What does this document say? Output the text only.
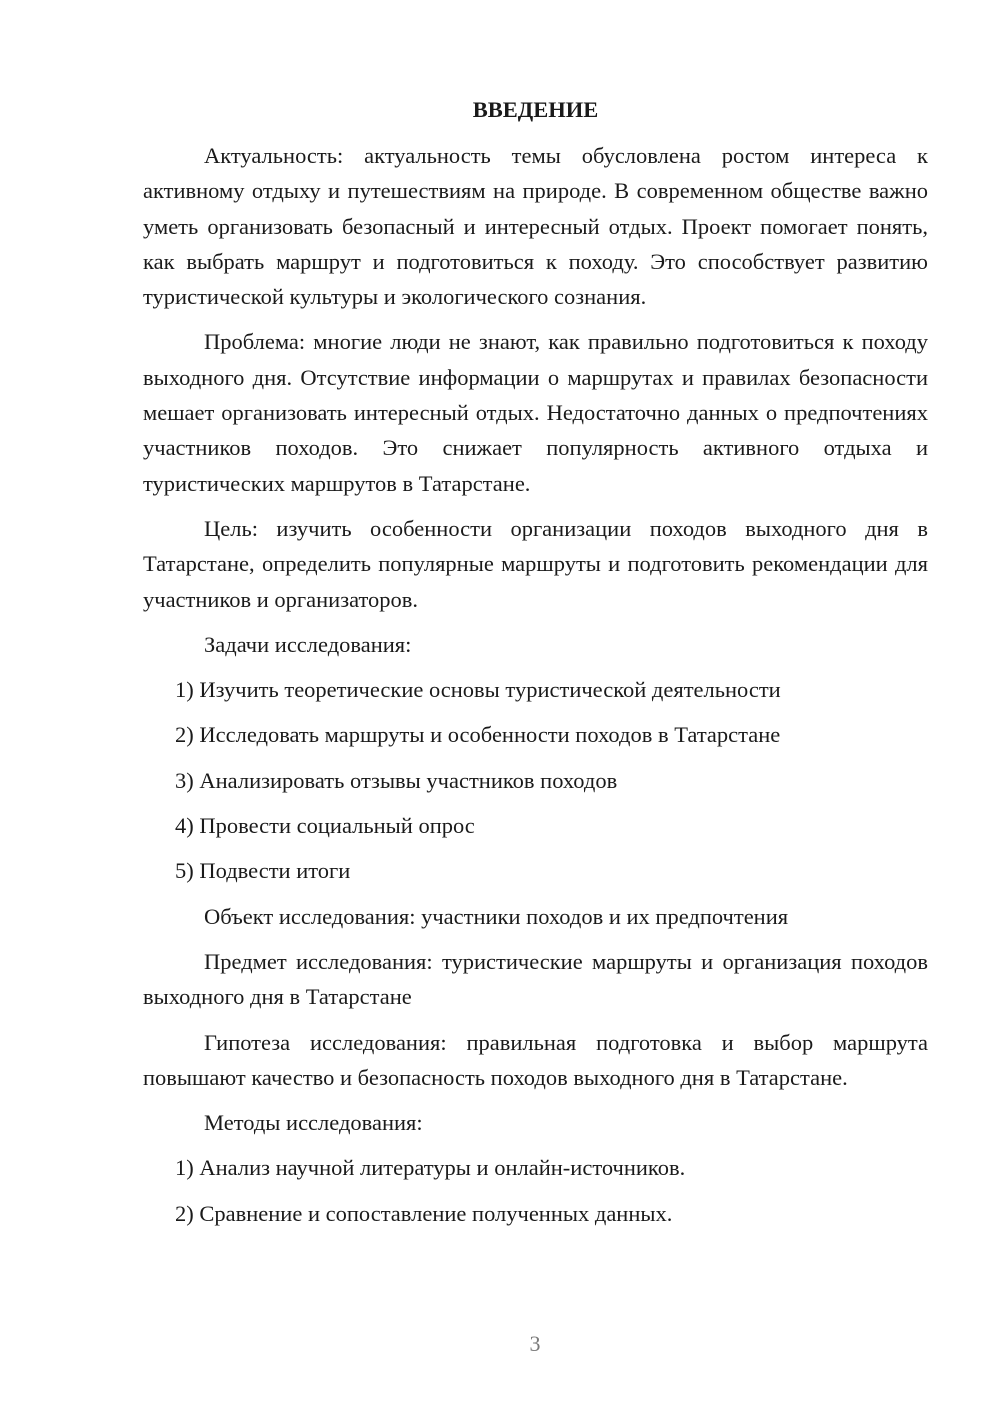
ВВЕДЕНИЕ
Актуальность: актуальность темы обусловлена ростом интереса к активному отдыху и путешествиям на природе. В современном обществе важно уметь организовать безопасный и интересный отдых. Проект помогает понять, как выбрать маршрут и подготовиться к походу. Это способствует развитию туристической культуры и экологического сознания.
Проблема: многие люди не знают, как правильно подготовиться к походу выходного дня. Отсутствие информации о маршрутах и правилах безопасности мешает организовать интересный отдых. Недостаточно данных о предпочтениях участников походов. Это снижает популярность активного отдыха и туристических маршрутов в Татарстане.
Цель: изучить особенности организации походов выходного дня в Татарстане, определить популярные маршруты и подготовить рекомендации для участников и организаторов.
Задачи исследования:
1) Изучить теоретические основы туристической деятельности
2) Исследовать маршруты и особенности походов в Татарстане
3) Анализировать отзывы участников походов
4) Провести социальный опрос
5) Подвести итоги
Объект исследования: участники походов и их предпочтения
Предмет исследования: туристические маршруты и организация походов выходного дня в Татарстане
Гипотеза исследования: правильная подготовка и выбор маршрута повышают качество и безопасность походов выходного дня в Татарстане.
Методы исследования:
1) Анализ научной литературы и онлайн-источников.
2) Сравнение и сопоставление полученных данных.
3
